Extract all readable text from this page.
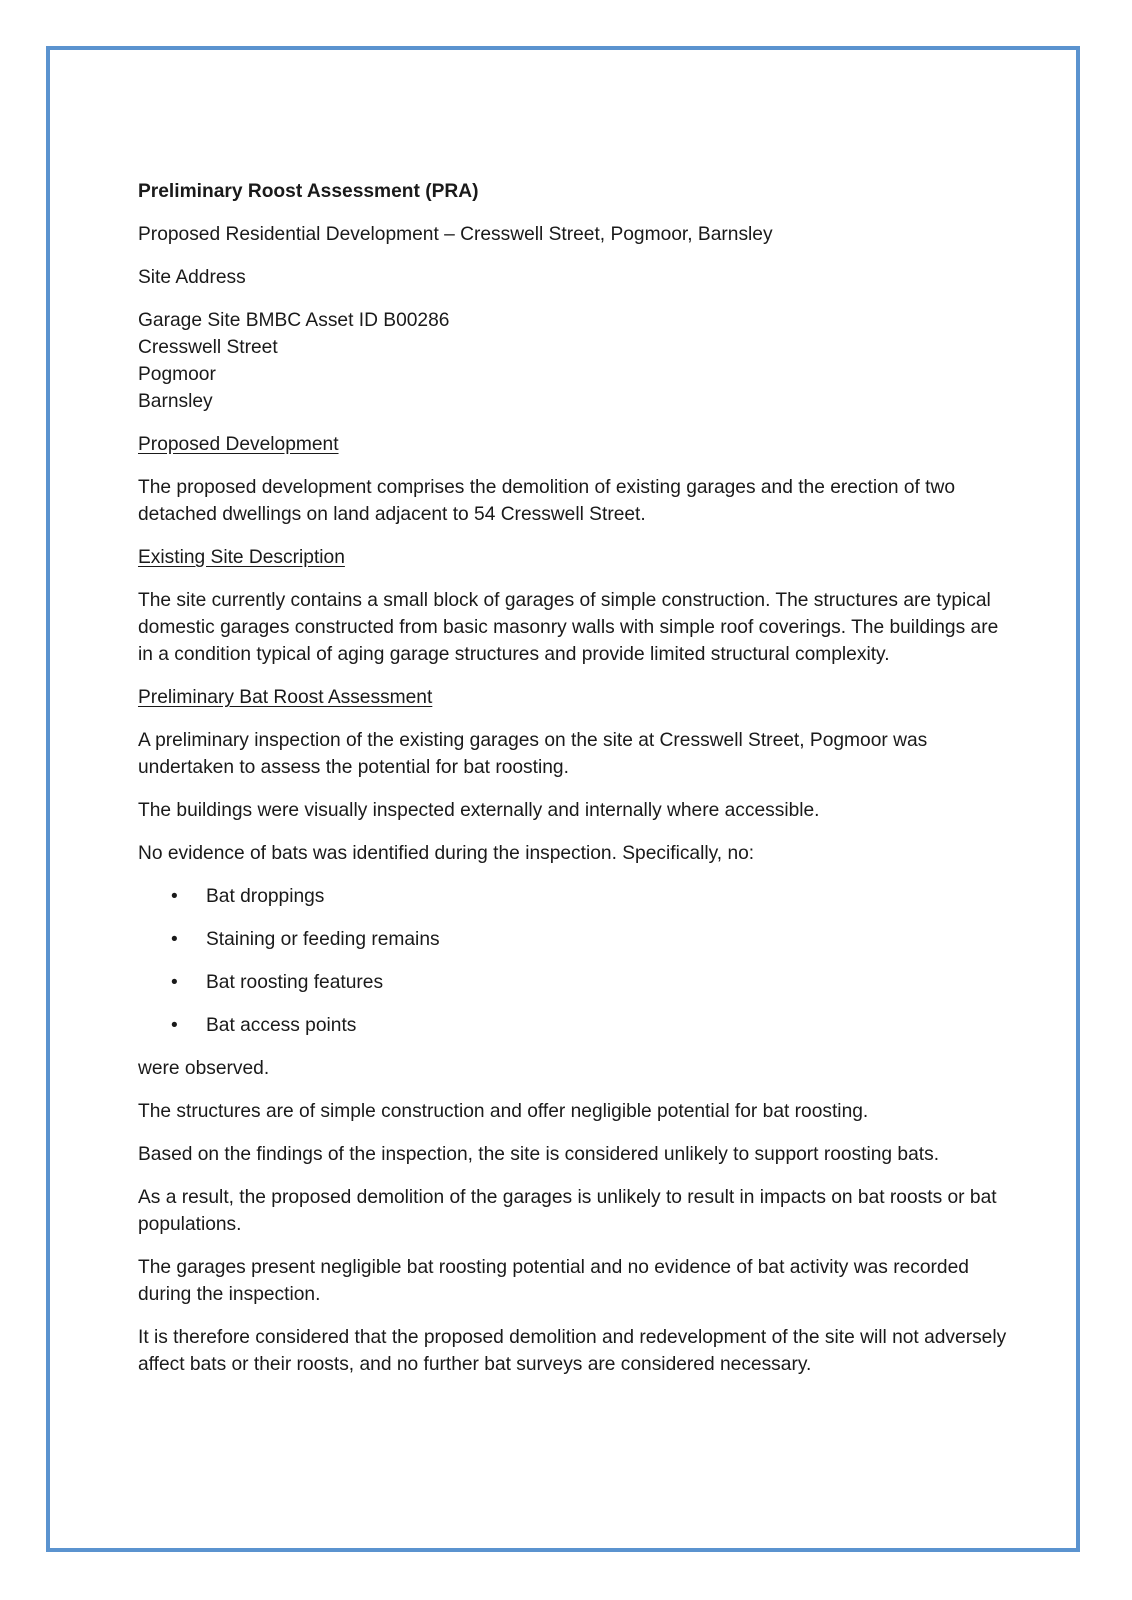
Preliminary Roost Assessment (PRA)

Proposed Residential Development – Cresswell Street, Pogmoor, Barnsley

Site Address

Garage Site BMBC Asset ID B00286
Cresswell Street
Pogmoor
Barnsley

Proposed Development

The proposed development comprises the demolition of existing garages and the erection of two detached dwellings on land adjacent to 54 Cresswell Street.

Existing Site Description

The site currently contains a small block of garages of simple construction. The structures are typical domestic garages constructed from basic masonry walls with simple roof coverings. The buildings are in a condition typical of aging garage structures and provide limited structural complexity.

Preliminary Bat Roost Assessment

A preliminary inspection of the existing garages on the site at Cresswell Street, Pogmoor was undertaken to assess the potential for bat roosting.

The buildings were visually inspected externally and internally where accessible.

No evidence of bats was identified during the inspection. Specifically, no:

• Bat droppings
• Staining or feeding remains
• Bat roosting features
• Bat access points

were observed.

The structures are of simple construction and offer negligible potential for bat roosting.

Based on the findings of the inspection, the site is considered unlikely to support roosting bats.

As a result, the proposed demolition of the garages is unlikely to result in impacts on bat roosts or bat populations.

The garages present negligible bat roosting potential and no evidence of bat activity was recorded during the inspection.

It is therefore considered that the proposed demolition and redevelopment of the site will not adversely affect bats or their roosts, and no further bat surveys are considered necessary.
